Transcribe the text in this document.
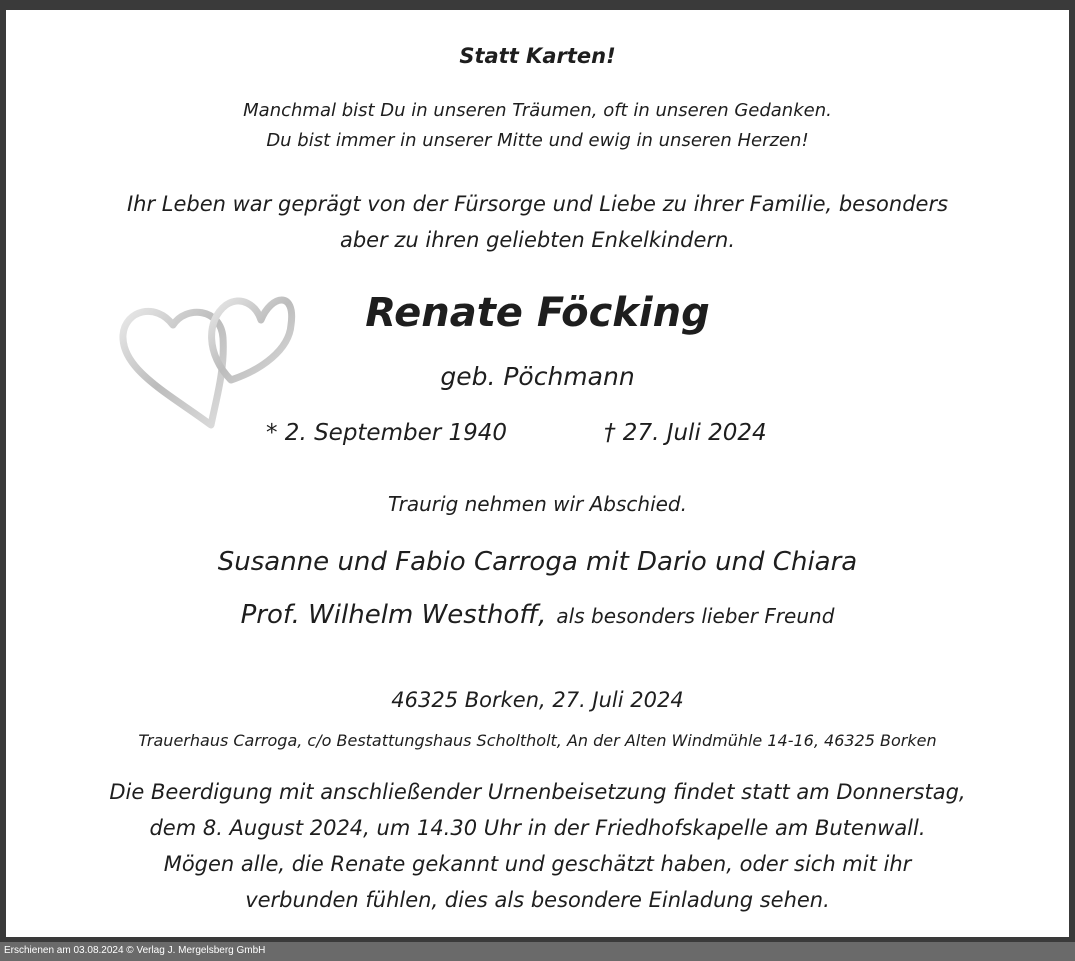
Statt Karten!
Manchmal bist Du in unseren Träumen, oft in unseren Gedanken.
Du bist immer in unserer Mitte und ewig in unseren Herzen!
Ihr Leben war geprägt von der Fürsorge und Liebe zu ihrer Familie, besonders
aber zu ihren geliebten Enkelkindern.
Renate Föcking
geb. Pöchmann
* 2. September 1940	† 27. Juli 2024
Traurig nehmen wir Abschied.
Susanne und Fabio Carroga mit Dario und Chiara
Prof. Wilhelm Westhoff, als besonders lieber Freund
46325 Borken, 27. Juli 2024
Trauerhaus Carroga, c/o Bestattungshaus Scholtholt, An der Alten Windmühle 14-16, 46325 Borken
Die Beerdigung mit anschließender Urnenbeisetzung findet statt am Donnerstag,
dem 8. August 2024, um 14.30 Uhr in der Friedhofskapelle am Butenwall.
Mögen alle, die Renate gekannt und geschätzt haben, oder sich mit ihr
verbunden fühlen, dies als besondere Einladung sehen.
Erschienen am 03.08.2024 © Verlag J. Mergelsberg GmbH
